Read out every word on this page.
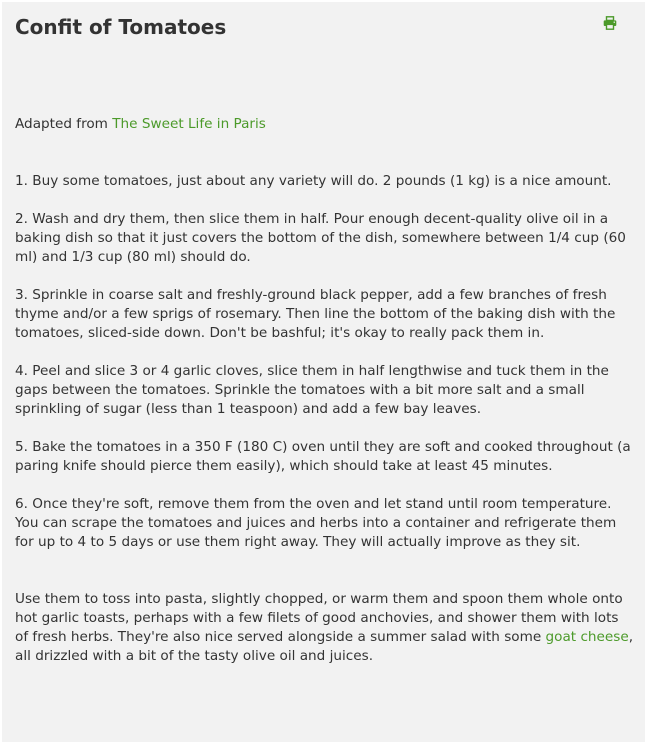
Confit of Tomatoes

Adapted from The Sweet Life in Paris

1. Buy some tomatoes, just about any variety will do. 2 pounds (1 kg) is a nice amount.

2. Wash and dry them, then slice them in half. Pour enough decent-quality olive oil in a baking dish so that it just covers the bottom of the dish, somewhere between 1/4 cup (60 ml) and 1/3 cup (80 ml) should do.

3. Sprinkle in coarse salt and freshly-ground black pepper, add a few branches of fresh thyme and/or a few sprigs of rosemary. Then line the bottom of the baking dish with the tomatoes, sliced-side down. Don't be bashful; it's okay to really pack them in.

4. Peel and slice 3 or 4 garlic cloves, slice them in half lengthwise and tuck them in the gaps between the tomatoes. Sprinkle the tomatoes with a bit more salt and a small sprinkling of sugar (less than 1 teaspoon) and add a few bay leaves.

5. Bake the tomatoes in a 350 F (180 C) oven until they are soft and cooked throughout (a paring knife should pierce them easily), which should take at least 45 minutes.

6. Once they're soft, remove them from the oven and let stand until room temperature. You can scrape the tomatoes and juices and herbs into a container and refrigerate them for up to 4 to 5 days or use them right away. They will actually improve as they sit.

Use them to toss into pasta, slightly chopped, or warm them and spoon them whole onto hot garlic toasts, perhaps with a few filets of good anchovies, and shower them with lots of fresh herbs. They're also nice served alongside a summer salad with some goat cheese, all drizzled with a bit of the tasty olive oil and juices.
